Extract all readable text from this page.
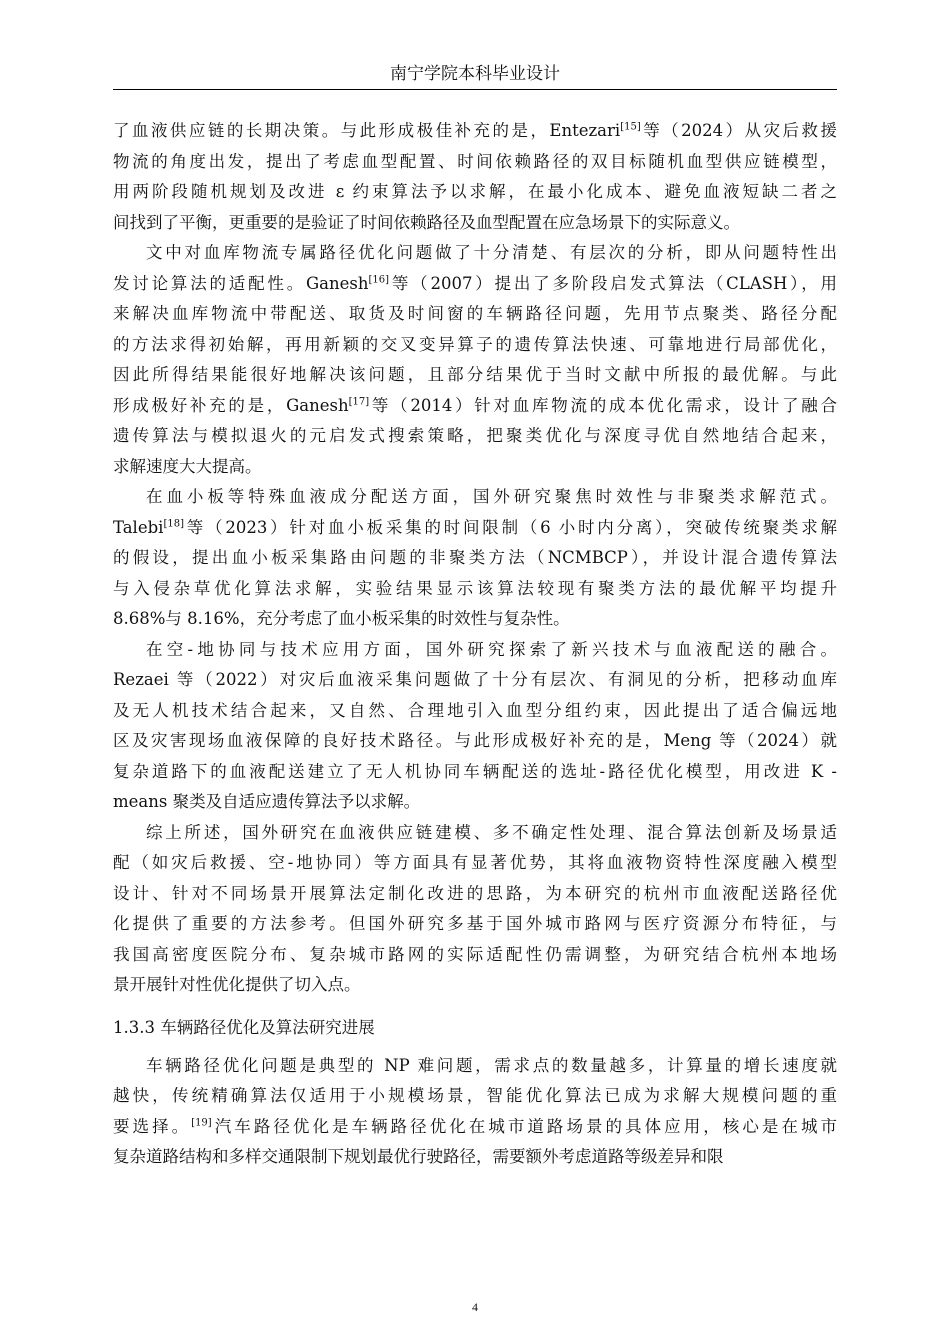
南宁学院本科毕业设计
了血液供应链的长期决策。与此形成极佳补充的是，Entezari[15]等（2024）从灾后救援
物流的角度出发，提出了考虑血型配置、时间依赖路径的双目标随机血型供应链模型，
用两阶段随机规划及改进 ε 约束算法予以求解，在最小化成本、避免血液短缺二者之
间找到了平衡，更重要的是验证了时间依赖路径及血型配置在应急场景下的实际意义。
文中对血库物流专属路径优化问题做了十分清楚、有层次的分析，即从问题特性出
发讨论算法的适配性。Ganesh[16]等（2007）提出了多阶段启发式算法（CLASH），用
来解决血库物流中带配送、取货及时间窗的车辆路径问题，先用节点聚类、路径分配
的方法求得初始解，再用新颖的交叉变异算子的遗传算法快速、可靠地进行局部优化，
因此所得结果能很好地解决该问题，且部分结果优于当时文献中所报的最优解。与此
形成极好补充的是，Ganesh[17]等（2014）针对血库物流的成本优化需求，设计了融合
遗传算法与模拟退火的元启发式搜索策略，把聚类优化与深度寻优自然地结合起来，
求解速度大大提高。
在血小板等特殊血液成分配送方面，国外研究聚焦时效性与非聚类求解范式。
Talebi[18]等（2023）针对血小板采集的时间限制（6 小时内分离），突破传统聚类求解
的假设，提出血小板采集路由问题的非聚类方法（NCMBCP），并设计混合遗传算法
与入侵杂草优化算法求解，实验结果显示该算法较现有聚类方法的最优解平均提升
8.68%与 8.16%，充分考虑了血小板采集的时效性与复杂性。
在空-地协同与技术应用方面，国外研究探索了新兴技术与血液配送的融合。
Rezaei 等（2022）对灾后血液采集问题做了十分有层次、有洞见的分析，把移动血库
及无人机技术结合起来，又自然、合理地引入血型分组约束，因此提出了适合偏远地
区及灾害现场血液保障的良好技术路径。与此形成极好补充的是，Meng 等（2024）就
复杂道路下的血液配送建立了无人机协同车辆配送的选址-路径优化模型，用改进 K -
means 聚类及自适应遗传算法予以求解。
综上所述，国外研究在血液供应链建模、多不确定性处理、混合算法创新及场景适
配（如灾后救援、空-地协同）等方面具有显著优势，其将血液物资特性深度融入模型
设计、针对不同场景开展算法定制化改进的思路，为本研究的杭州市血液配送路径优
化提供了重要的方法参考。但国外研究多基于国外城市路网与医疗资源分布特征，与
我国高密度医院分布、复杂城市路网的实际适配性仍需调整，为研究结合杭州本地场
景开展针对性优化提供了切入点。
1.3.3 车辆路径优化及算法研究进展
车辆路径优化问题是典型的 NP 难问题，需求点的数量越多，计算量的增长速度就
越快，传统精确算法仅适用于小规模场景，智能优化算法已成为求解大规模问题的重
要选择。[19]汽车路径优化是车辆路径优化在城市道路场景的具体应用，核心是在城市
复杂道路结构和多样交通限制下规划最优行驶路径，需要额外考虑道路等级差异和限
4
